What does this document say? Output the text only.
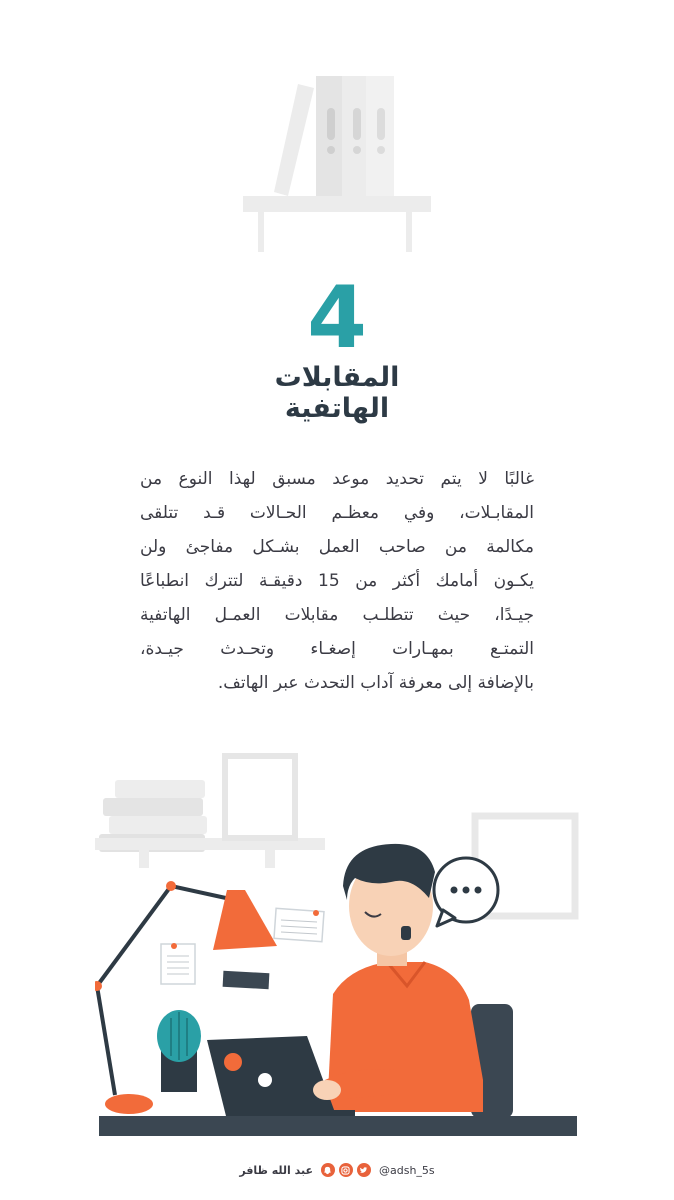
4
المقابلات
الهاتفية
غالبًا لا يتم تحديد موعد مسبق لهذا النوع من
المقابـلات، وفي معظـم الحـالات قـد تتلقى
مكالمة من صاحب العمل بشـكل مفاجئ ولن
يكـون أمامك أكثر من 15 دقيقـة لتترك انطباعًا
جيـدًا، حيث تتطلـب مقابلات العمـل الهاتفية
التمتـع بمهـارات إصغـاء وتحـدث جيـدة،
بالإضافة إلى معرفة آداب التحدث عبر الهاتف.
عبد الله ظافر	@adsh_5s
